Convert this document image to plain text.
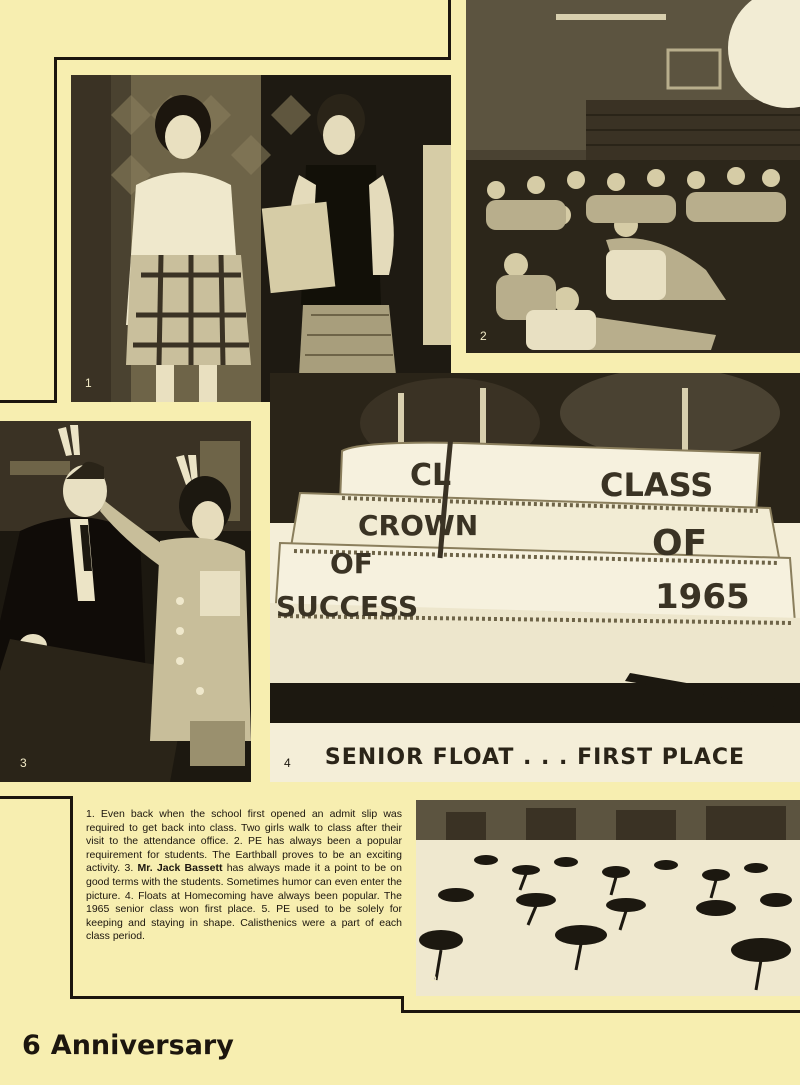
1
2
3
CL	CLASS
CROWN	OF
OF
1965
SUCCESS
SENIOR FLOAT . . . FIRST PLACE
4
1. Even back when the school first opened an admit slip was required to get back into class. Two girls walk to class after their visit to the attendance office. 2. PE has always been a popular requirement for students. The Earthball proves to be an exciting activity. 3. Mr. Jack Bassett has always made it a point to be on good terms with the students. Sometimes humor can even enter the picture. 4. Floats at Homecoming have always been popular. The 1965 senior class won first place. 5. PE used to be solely for keeping and staying in shape. Calisthenics were a part of each class period.
5
6 Anniversary
